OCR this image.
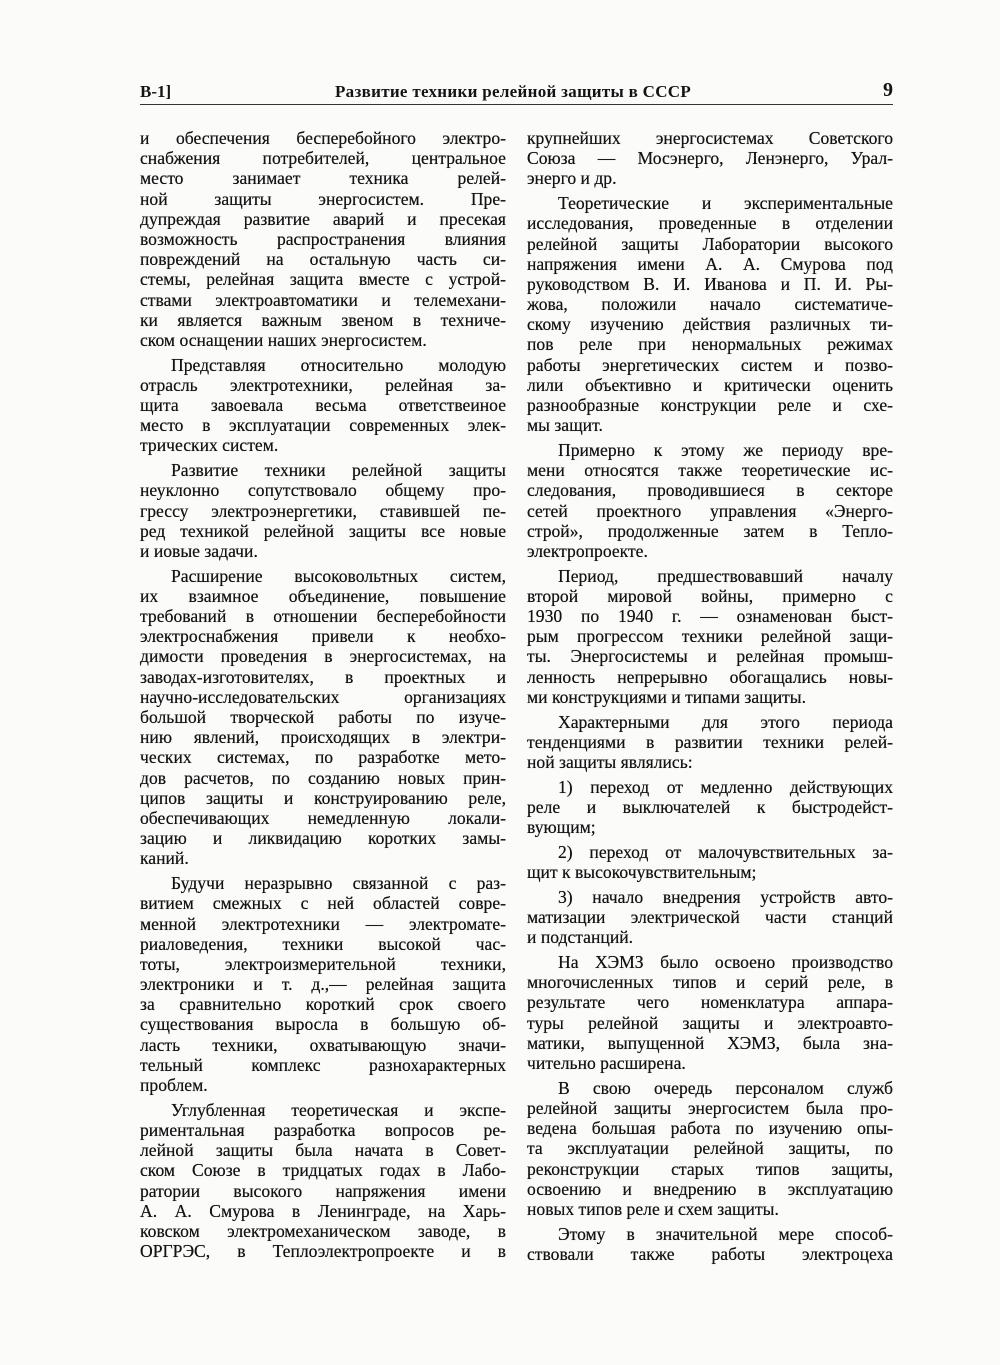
В-1]	Развитие техники релейной защиты в СССР	9
и обеспечения бесперебойного электро-
снабжения потребителей, центральное
место занимает техника релей-
ной защиты энергосистем. Пре-
дупреждая развитие аварий и пресекая
возможность распространения влияния
повреждений на остальную часть си-
стемы, релейная защита вместе с устрой-
ствами электроавтоматики и телемехани-
ки является важным звеном в техниче-
ском оснащении наших энергосистем.
Представляя относительно молодую
отрасль электротехники, релейная за-
щита завоевала весьма ответствеиное
место в эксплуатации современных элек-
трических систем.
Развитие техники релейной защиты
неуклонно сопутствовало общему про-
грессу электроэнергетики, ставившей пе-
ред техникой релейной защиты все новые
и иовые задачи.
Расширение высоковольтных систем,
их взаимное объединение, повышение
требований в отношении бесперебойности
электроснабжения привели к необхо-
димости проведения в энергосистемах, на
заводах-изготовителях, в проектных и
научно-исследовательских организациях
большой творческой работы по изуче-
нию явлений, происходящих в электри-
ческих системах, по разработке мето-
дов расчетов, по созданию новых прин-
ципов защиты и конструированию реле,
обеспечивающих немедленную локали-
зацию и ликвидацию коротких замы-
каний.
Будучи неразрывно связанной с раз-
витием смежных с ней областей совре-
менной электротехники — электромате-
риаловедения, техники высокой час-
тоты, электроизмерительной техники,
электроники и т. д.,— релейная защита
за сравнительно короткий срок своего
существования выросла в большую об-
ласть техники, охватывающую значи-
тельный комплекс разнохарактерных
проблем.
Углубленная теоретическая и экспе-
риментальная разработка вопросов ре-
лейной защиты была начата в Совет-
ском Союзе в тридцатых годах в Лабо-
ратории высокого напряжения имени
А. А. Смурова в Ленинграде, на Харь-
ковском электромеханическом заводе, в
ОРГРЭС, в Теплоэлектропроекте и в
крупнейших энергосистемах Советского
Союза — Мосэнерго, Ленэнерго, Урал-
энерго и др.
Теоретические и экспериментальные
исследования, проведенные в отделении
релейной защиты Лаборатории высокого
напряжения имени А. А. Смурова под
руководством В. И. Иванова и П. И. Ры-
жова, положили начало систематиче-
скому изучению действия различных ти-
пов реле при ненормальных режимах
работы энергетических систем и позво-
лили объективно и критически оценить
разнообразные конструкции реле и схе-
мы защит.
Примерно к этому же периоду вре-
мени относятся также теоретические ис-
следования, проводившиеся в секторе
сетей проектного управления «Энерго-
строй», продолженные затем в Тепло-
электропроекте.
Период, предшествовавший началу
второй мировой войны, примерно с
1930 по 1940 г. — ознаменован быст-
рым прогрессом техники релейной защи-
ты. Энергосистемы и релейная промыш-
ленность непрерывно обогащались новы-
ми конструкциями и типами защиты.
Характерными для этого периода
тенденциями в развитии техники релей-
ной защиты являлись:
1) переход от медленно действующих
реле и выключателей к быстродейст-
вующим;
2) переход от малочувствительных за-
щит к высокочувствительным;
3) начало внедрения устройств авто-
матизации электрической части станций
и подстанций.
На ХЭМЗ было освоено производство
многочисленных типов и серий реле, в
результате чего номенклатура аппара-
туры релейной защиты и электроавто-
матики, выпущенной ХЭМЗ, была зна-
чительно расширена.
В свою очередь персоналом служб
релейной защиты энергосистем была про-
ведена большая работа по изучению опы-
та эксплуатации релейной защиты, по
реконструкции старых типов защиты,
освоению и внедрению в эксплуатацию
новых типов реле и схем защиты.
Этому в значительной мере способ-
ствовали также работы электроцеха
